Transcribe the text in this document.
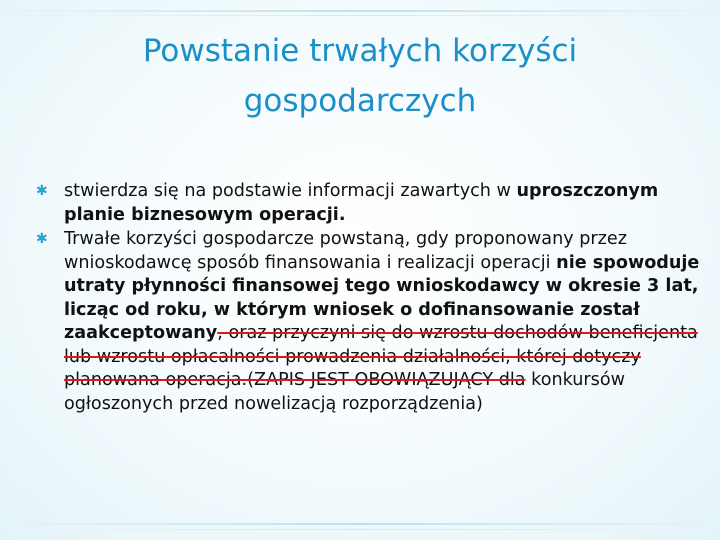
Powstanie trwałych korzyści
gospodarczych
✱ stwierdza się na podstawie informacji zawartych w uproszczonym planie biznesowym operacji.
✱ Trwałe korzyści gospodarcze powstaną, gdy proponowany przez wnioskodawcę sposób finansowania i realizacji operacji nie spowoduje utraty płynności finansowej tego wnioskodawcy w okresie 3 lat, licząc od roku, w którym wniosek o dofinansowanie został zaakceptowany, oraz przyczyni się do wzrostu dochodów beneficjenta lub wzrostu opłacalności prowadzenia działalności, której dotyczy planowana operacja.(ZAPIS JEST OBOWIĄZUJĄCY dla konkursów ogłoszonych przed nowelizacją rozporządzenia)
